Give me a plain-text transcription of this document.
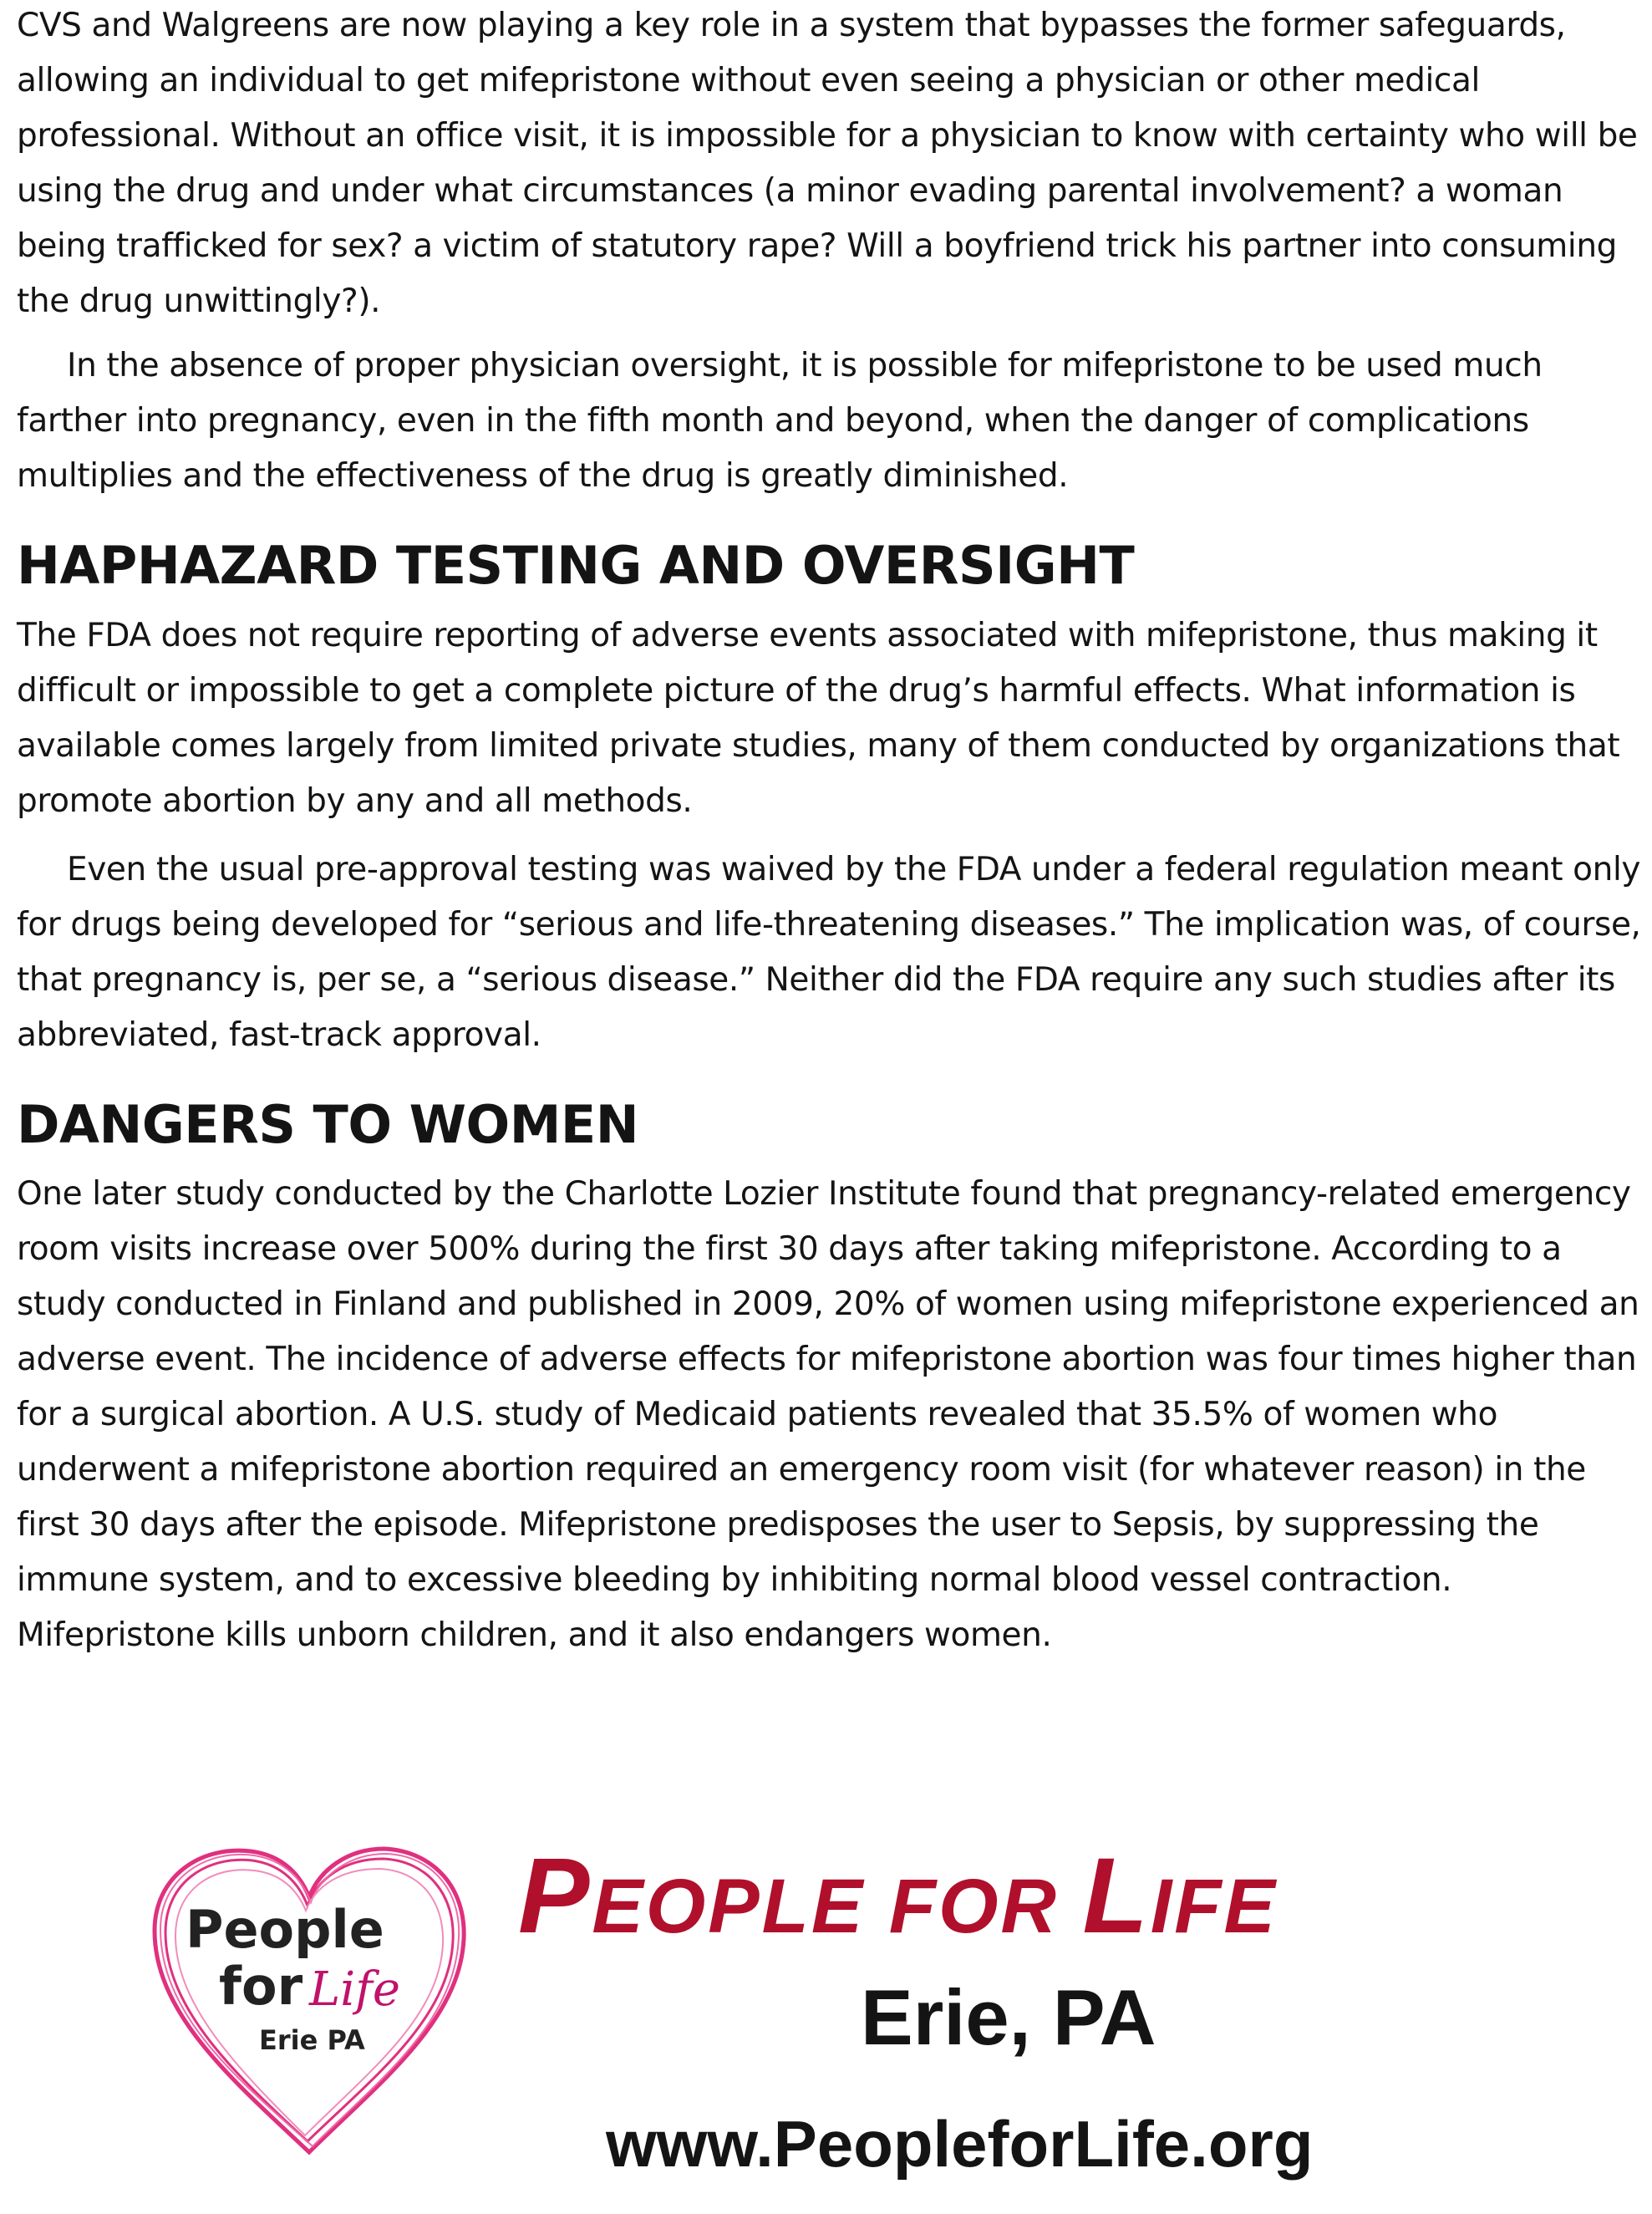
CVS and Walgreens are now playing a key role in a system that bypasses the former safeguards, allowing an individual to get mifepristone without even seeing a physician or other medical professional. Without an office visit, it is impossible for a physician to know with certainty who will be using the drug and under what circumstances (a minor evading parental involvement? a woman being trafficked for sex? a victim of statutory rape? Will a boyfriend trick his partner into consuming the drug unwittingly?).

In the absence of proper physician oversight, it is possible for mifepristone to be used much farther into pregnancy, even in the fifth month and beyond, when the danger of complications multiplies and the effectiveness of the drug is greatly diminished.

HAPHAZARD TESTING AND OVERSIGHT

The FDA does not require reporting of adverse events associated with mifepristone, thus making it difficult or impossible to get a complete picture of the drug’s harmful effects. What information is available comes largely from limited private studies, many of them conducted by organizations that promote abortion by any and all methods.

Even the usual pre-approval testing was waived by the FDA under a federal regulation meant only for drugs being developed for “serious and life-threatening diseases.” The implication was, of course, that pregnancy is, per se, a “serious disease.” Neither did the FDA require any such studies after its abbreviated, fast-track approval.

DANGERS TO WOMEN

One later study conducted by the Charlotte Lozier Institute found that pregnancy-related emergency room visits increase over 500% during the first 30 days after taking mifepristone. According to a study conducted in Finland and published in 2009, 20% of women using mifepristone experienced an adverse event. The incidence of adverse effects for mifepristone abortion was four times higher than for a surgical abortion. A U.S. study of Medicaid patients revealed that 35.5% of women who underwent a mifepristone abortion required an emergency room visit (for whatever reason) in the first 30 days after the episode. Mifepristone predisposes the user to Sepsis, by suppressing the immune system, and to excessive bleeding by inhibiting normal blood vessel contraction. Mifepristone kills unborn children, and it also endangers women.

People
for Life
Erie PA
PEOPLE FOR LIFE
Erie, PA
www.PeopleforLife.org
